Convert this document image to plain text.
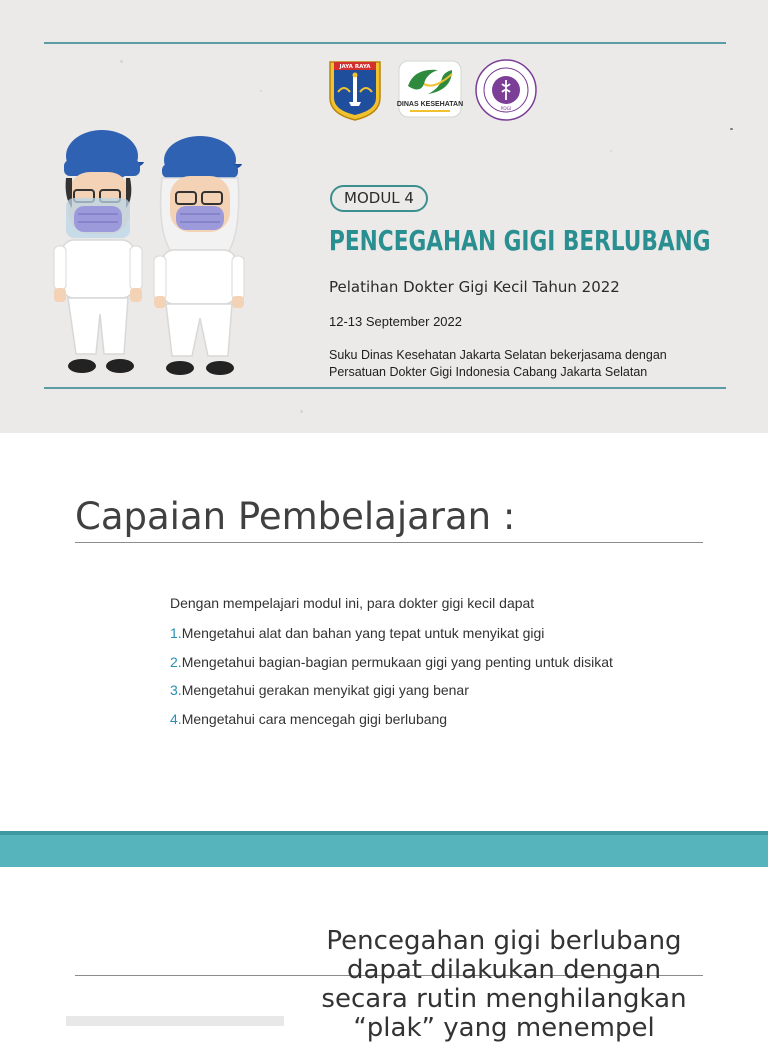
JAYA RAYA
DINAS KESEHATAN
PDGI
MODUL 4
PENCEGAHAN GIGI BERLUBANG
Pelatihan Dokter Gigi Kecil Tahun 2022
12-13 September 2022
Suku Dinas Kesehatan Jakarta Selatan bekerjasama dengan
Persatuan Dokter Gigi Indonesia Cabang Jakarta Selatan
Capaian Pembelajaran :
Dengan mempelajari modul ini, para dokter gigi kecil dapat
1.Mengetahui alat dan bahan yang tepat untuk menyikat gigi
2.Mengetahui bagian-bagian permukaan gigi yang penting untuk disikat
3.Mengetahui gerakan menyikat gigi yang benar
4.Mengetahui cara mencegah gigi berlubang
Pencegahan gigi berlubang
dapat dilakukan dengan
secara rutin menghilangkan
“plak” yang menempel
